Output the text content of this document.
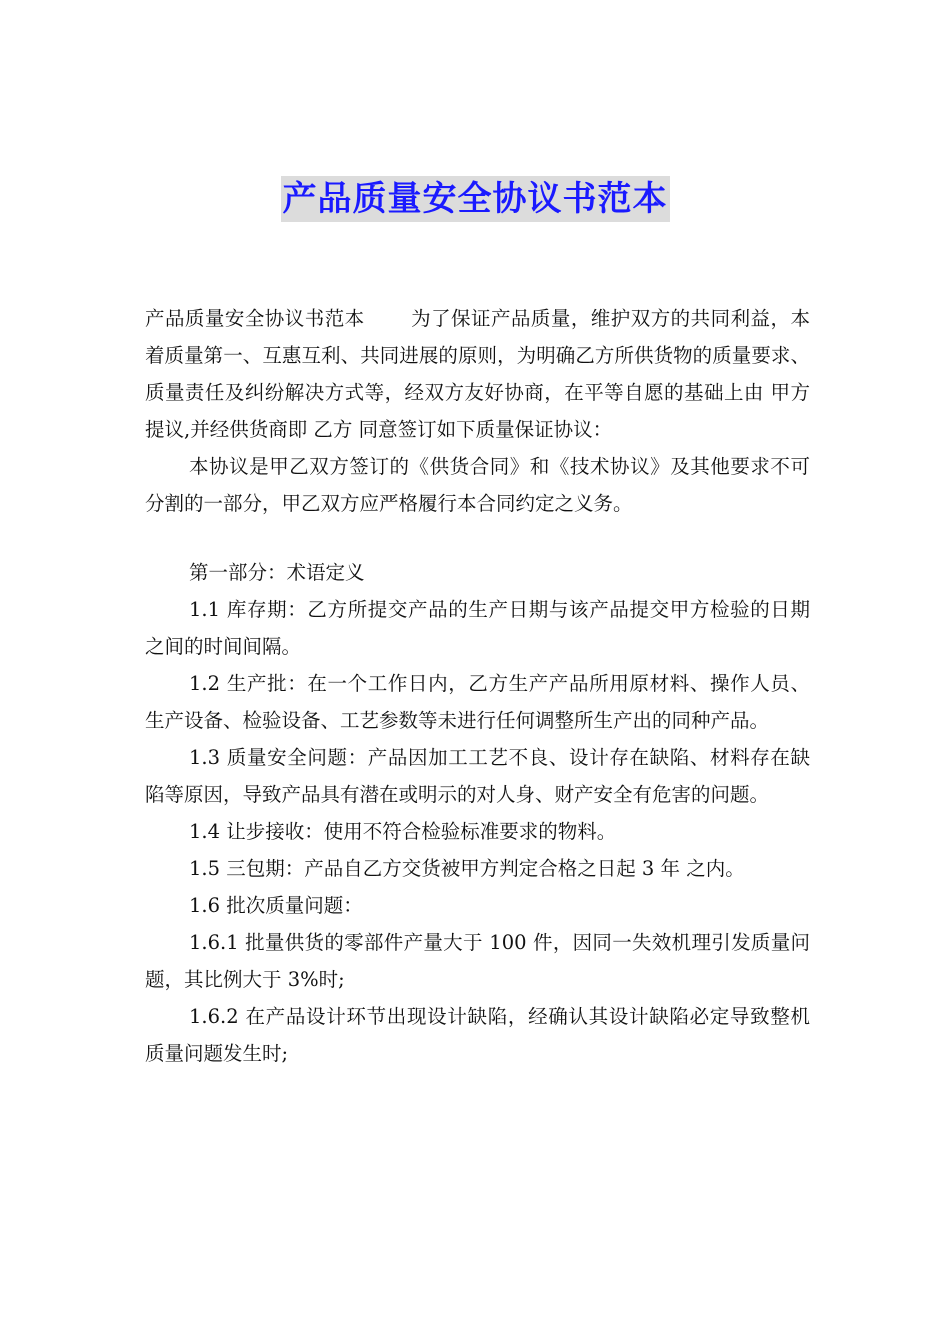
产品质量安全协议书范本

产品质量安全协议书范本 为了保证产品质量，维护双方的共同利益，本着质量第一、互惠互利、共同进展的原则，为明确乙方所供货物的质量要求、质量责任及纠纷解决方式等，经双方友好协商，在平等自愿的基础上由 甲方 提议,并经供货商即 乙方 同意签订如下质量保证协议：

本协议是甲乙双方签订的《供货合同》和《技术协议》及其他要求不可分割的一部分，甲乙双方应严格履行本合同约定之义务。

第一部分：术语定义

1.1 库存期：乙方所提交产品的生产日期与该产品提交甲方检验的日期之间的时间间隔。

1.2 生产批：在一个工作日内，乙方生产产品所用原材料、操作人员、生产设备、检验设备、工艺参数等未进行任何调整所生产出的同种产品。

1.3 质量安全问题：产品因加工工艺不良、设计存在缺陷、材料存在缺陷等原因，导致产品具有潜在或明示的对人身、财产安全有危害的问题。

1.4 让步接收：使用不符合检验标准要求的物料。

1.5 三包期：产品自乙方交货被甲方判定合格之日起 3 年 之内。

1.6 批次质量问题：

1.6.1 批量供货的零部件产量大于 100 件，因同一失效机理引发质量问题，其比例大于 3%时;

1.6.2 在产品设计环节出现设计缺陷，经确认其设计缺陷必定导致整机质量问题发生时;
